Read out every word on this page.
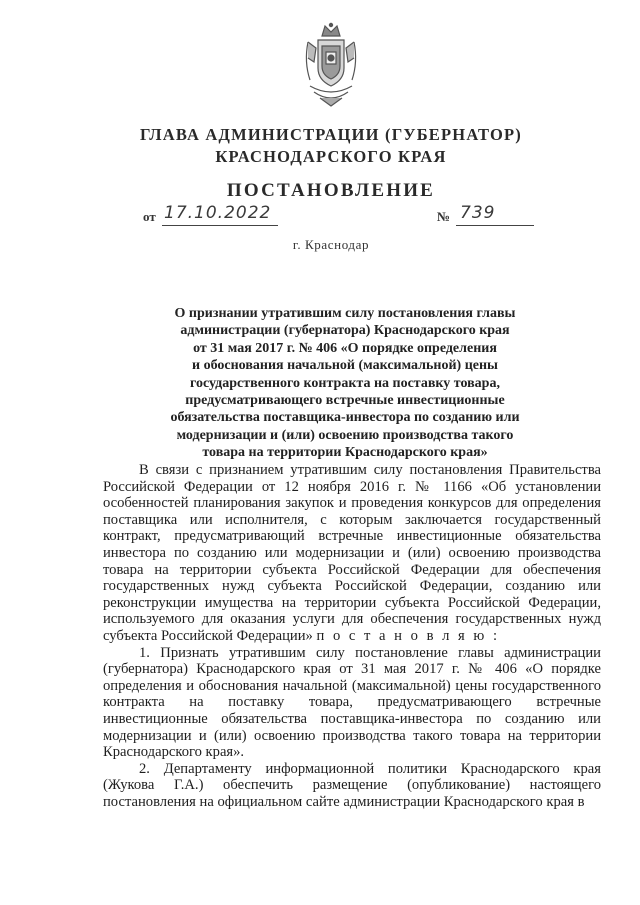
ГЛАВА АДМИНИСТРАЦИИ (ГУБЕРНАТОР)
КРАСНОДАРСКОГО КРАЯ
ПОСТАНОВЛЕНИЕ
от 17.10.2022	№ 739
г. Краснодар
О признании утратившим силу постановления главы
администрации (губернатора) Краснодарского края
от 31 мая 2017 г. № 406 «О порядке определения
и обоснования начальной (максимальной) цены
государственного контракта на поставку товара,
предусматривающего встречные инвестиционные
обязательства поставщика-инвестора по созданию или
модернизации и (или) освоению производства такого
товара на территории Краснодарского края»

В связи с признанием утратившим силу постановления Правительства Российской Федерации от 12 ноября 2016 г. № 1166 «Об установлении особенностей планирования закупок и проведения конкурсов для определения поставщика или исполнителя, с которым заключается государственный контракт, предусматривающий встречные инвестиционные обязательства инвестора по созданию или модернизации и (или) освоению производства товара на территории субъекта Российской Федерации для обеспечения государственных нужд субъекта Российской Федерации, созданию или реконструкции имущества на территории субъекта Российской Федерации, используемого для оказания услуги для обеспечения государственных нужд субъекта Российской Федерации» п о с т а н о в л я ю :

1. Признать утратившим силу постановление главы администрации (губернатора) Краснодарского края от 31 мая 2017 г. № 406 «О порядке определения и обоснования начальной (максимальной) цены государственного контракта на поставку товара, предусматривающего встречные инвестиционные обязательства поставщика-инвестора по созданию или модернизации и (или) освоению производства такого товара на территории Краснодарского края».

2. Департаменту информационной политики Краснодарского края (Жукова Г.А.) обеспечить размещение (опубликование) настоящего постановления на официальном сайте администрации Краснодарского края в
